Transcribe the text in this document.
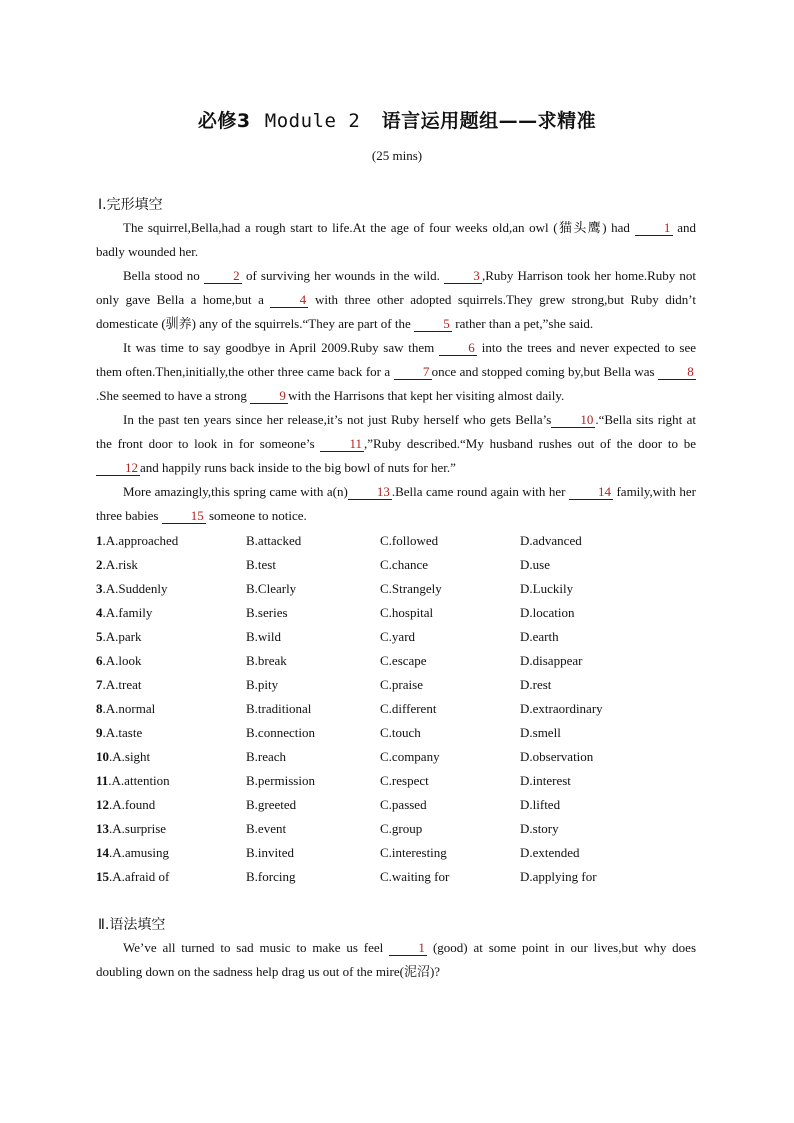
必修3 Module 2 语言运用题组——求精准
(25 mins)
Ⅰ.完形填空

The squirrel,Bella,had a rough start to life.At the age of four weeks old,an owl (猫头鹰) had	1 and badly wounded her.

Bella stood no	2 of surviving her wounds in the wild.	3 ,Ruby Harrison took her home.Ruby not only gave Bella a home,but a	4 with three other adopted squirrels.They grew strong,but Ruby didn’t domesticate (驯养) any of the squirrels.“They are part of the	5 rather than a pet,”she said.

It was time to say goodbye in April 2009.Ruby saw them	6 into the trees and never expected to see them often.Then,initially,the other three came back for a	7 once and stopped coming by,but Bella was	8.She seemed to have a strong	9 with the Harrisons that kept her visiting almost daily.

In the past ten years since her release,it’s not just Ruby herself who gets Bella’s 10 .“Bella sits right at the front door to look in for someone’s	11 ,”Ruby described.“My husband rushes out of the door to be 12 and happily runs back inside to the big bowl of nuts for her.”

More amazingly,this spring came with a(n) 13 .Bella came round again with her 14 family,with her three babies 15 someone to notice.

1.A.approached	B.attacked	C.followed	D.advanced
2.A.risk	B.test	C.chance	D.use
3.A.Suddenly	B.Clearly	C.Strangely	D.Luckily
4.A.family	B.series	C.hospital	D.location
5.A.park	B.wild	C.yard	D.earth
6.A.look	B.break	C.escape	D.disappear
7.A.treat	B.pity	C.praise	D.rest
8.A.normal	B.traditional	C.different	D.extraordinary
9.A.taste	B.connection	C.touch	D.smell
10.A.sight	B.reach	C.company	D.observation
11.A.attention	B.permission	C.respect	D.interest
12.A.found	B.greeted	C.passed	D.lifted
13.A.surprise	B.event	C.group	D.story
14.A.amusing	B.invited	C.interesting	D.extended
15.A.afraid of	B.forcing	C.waiting for	D.applying for
Ⅱ.语法填空

We’ve all turned to sad music to make us feel	1 (good) at some point in our lives,but why does doubling down on the sadness help drag us out of the mire(泥沼)?
